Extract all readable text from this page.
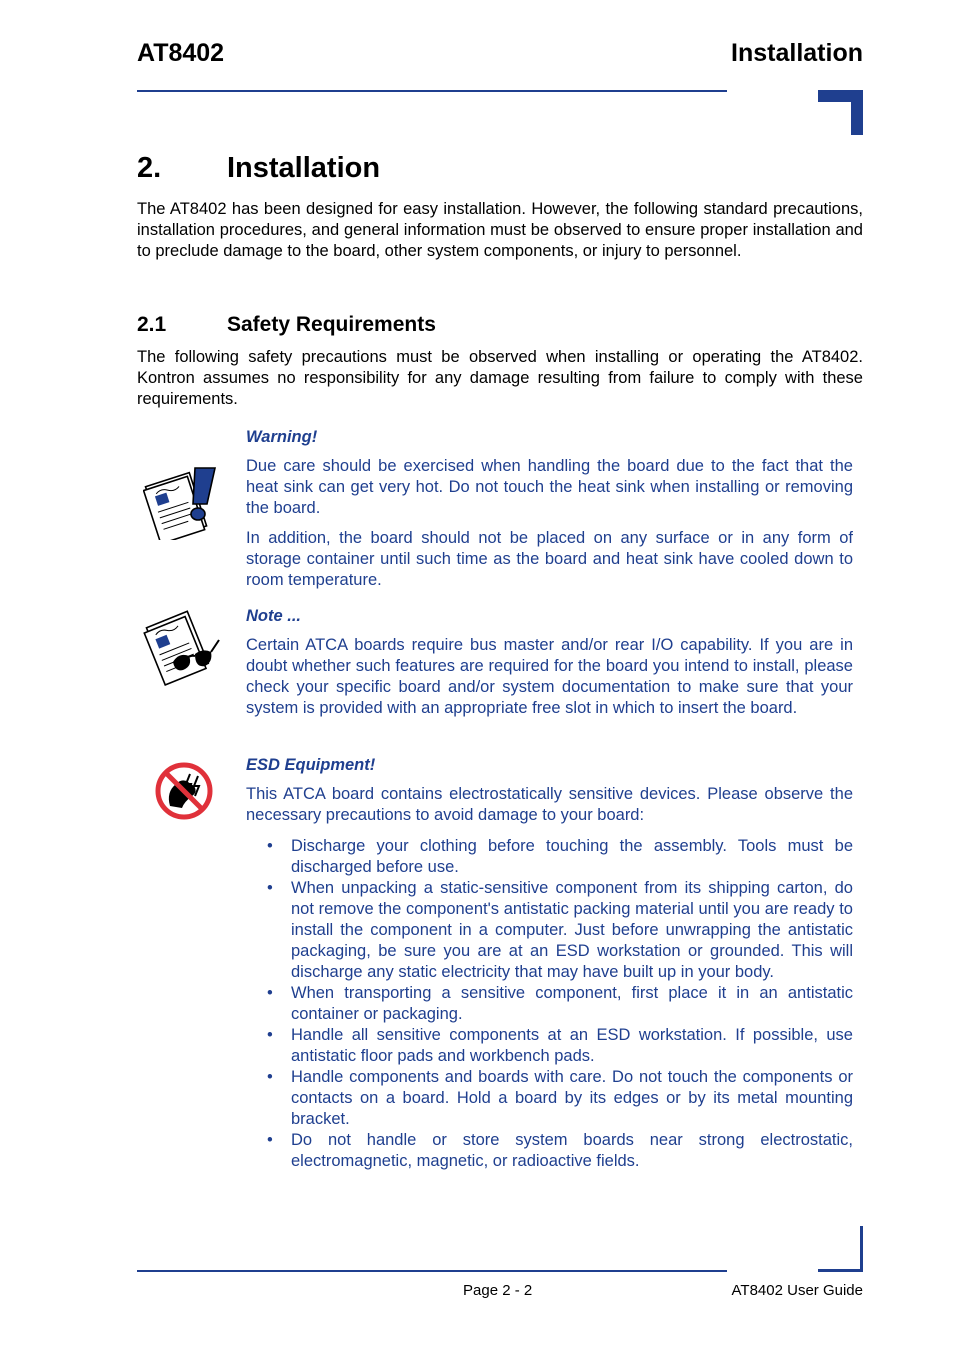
AT8402	Installation
2. Installation

The AT8402 has been designed for easy installation. However, the following standard precautions, installation procedures, and general information must be observed to ensure proper installation and to preclude damage to the board, other system components, or injury to personnel.

2.1	Safety Requirements

The following safety precautions must be observed when installing or operating the AT8402. Kontron assumes no responsibility for any damage resulting from failure to comply with these requirements.

Warning!

Due care should be exercised when handling the board due to the fact that the heat sink can get very hot. Do not touch the heat sink when installing or removing the board.

In addition, the board should not be placed on any surface or in any form of storage container until such time as the board and heat sink have cooled down to room temperature.

Note ...

Certain ATCA boards require bus master and/or rear I/O capability. If you are in doubt whether such features are required for the board you intend to install, please check your specific board and/or system documentation to make sure that your system is provided with an appropriate free slot in which to insert the board.

ESD Equipment!

This ATCA board contains electrostatically sensitive devices. Please observe the necessary precautions to avoid damage to your board:

• Discharge your clothing before touching the assembly. Tools must be discharged before use.
• When unpacking a static-sensitive component from its shipping carton, do not remove the component's antistatic packing material until you are ready to install the component in a computer. Just before unwrapping the antistatic packaging, be sure you are at an ESD workstation or grounded. This will discharge any static electricity that may have built up in your body.
• When transporting a sensitive component, first place it in an antistatic container or packaging.
• Handle all sensitive components at an ESD workstation. If possible, use antistatic floor pads and workbench pads.
• Handle components and boards with care. Do not touch the components or contacts on a board. Hold a board by its edges or by its metal mounting bracket.
• Do not handle or store system boards near strong electrostatic, electromagnetic, magnetic, or radioactive fields.
Page 2 - 2	AT8402 User Guide
